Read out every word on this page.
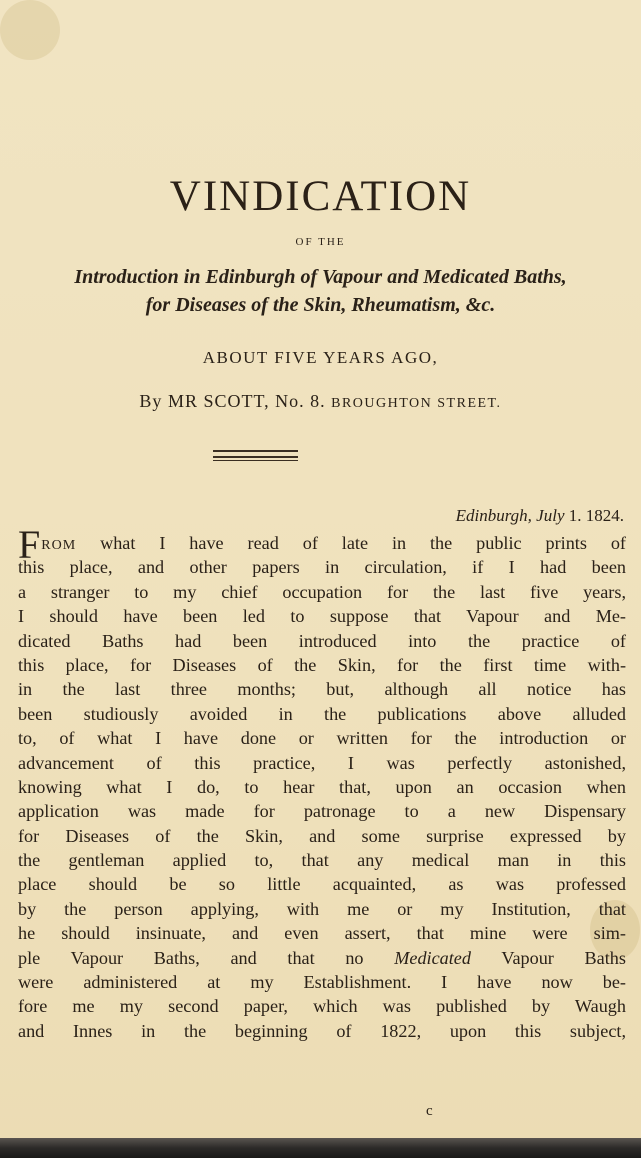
VINDICATION
OF THE
Introduction in Edinburgh of Vapour and Medicated Baths,
for Diseases of the Skin, Rheumatism, &c.
ABOUT FIVE YEARS AGO,
By MR SCOTT, No. 8. BROUGHTON STREET.
Edinburgh, July 1. 1824.
FROM what I have read of late in the public prints of
this place, and other papers in circulation, if I had been
a stranger to my chief occupation for the last five years,
I should have been led to suppose that Vapour and Me-
dicated Baths had been introduced into the practice of
this place, for Diseases of the Skin, for the first time with-
in the last three months; but, although all notice has
been studiously avoided in the publications above alluded
to, of what I have done or written for the introduction or
advancement of this practice, I was perfectly astonished,
knowing what I do, to hear that, upon an occasion when
application was made for patronage to a new Dispensary
for Diseases of the Skin, and some surprise expressed by
the gentleman applied to, that any medical man in this
place should be so little acquainted, as was professed
by the person applying, with me or my Institution, that
he should insinuate, and even assert, that mine were sim-
ple Vapour Baths, and that no Medicated Vapour Baths
were administered at my Establishment. I have now be-
fore me my second paper, which was published by Waugh
and Innes in the beginning of 1822, upon this subject,
c
